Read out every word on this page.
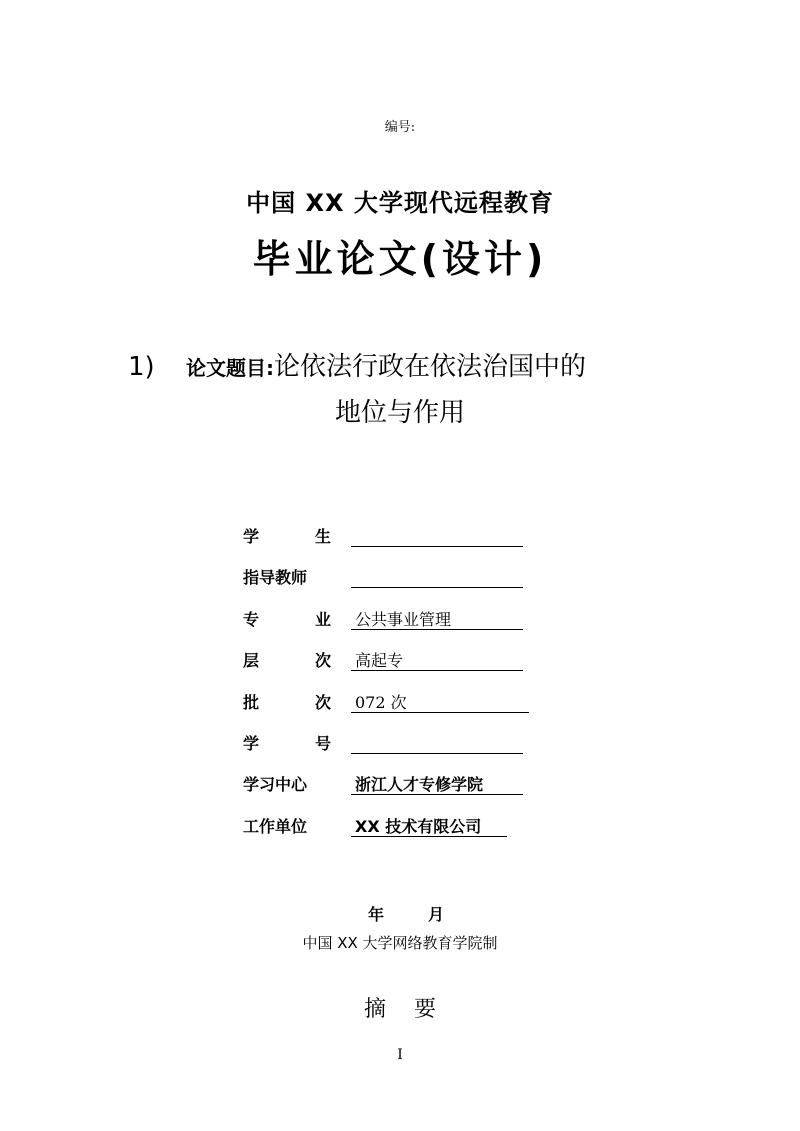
编号:
中国 XX 大学现代远程教育
毕业论文(设计)
1) 论文题目:论依法行政在依法治国中的
地位与作用
学	生
指导教师
专	业 公共事业管理
层	次 高起专
批	次 072 次
学	号
学习中心	浙江人才专修学院
工作单位	XX 技术有限公司
年	月
中国 XX 大学网络教育学院制
摘 要
I
